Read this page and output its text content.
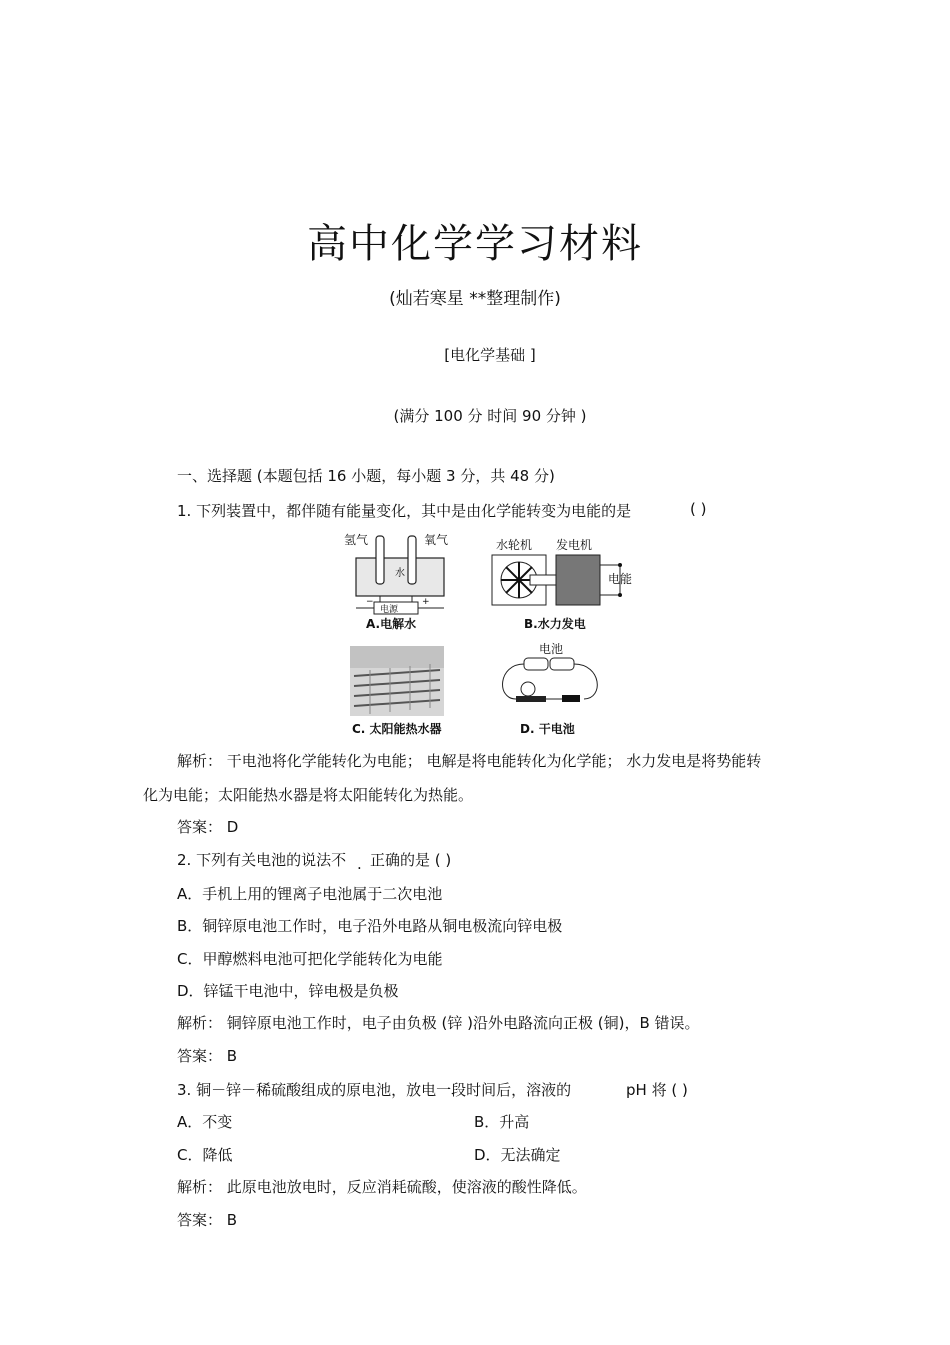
高中化学学习材料
(灿若寒星 **整理制作)
[电化学基础 ]
(满分 100 分 时间 90 分钟 )
一、选择题 (本题包括 16 小题，每小题 3 分，共 48 分)
1. 下列装置中，都伴随有能量变化，其中是由化学能转变为电能的是	( )
氢气	氧气
水
电源
−	+
A.电解水
水轮机 发电机
电能
B.水力发电
C. 太阳能热水器
电池
D. 干电池
解析： 干电池将化学能转化为电能； 电解是将电能转化为化学能； 水力发电是将势能转
化为电能；太阳能热水器是将太阳能转化为热能。
答案： D
2. 下列有关电池的说法不 . 正确的是 ( )
A．手机上用的锂离子电池属于二次电池
B．铜锌原电池工作时，电子沿外电路从铜电极流向锌电极
C．甲醇燃料电池可把化学能转化为电能
D．锌锰干电池中，锌电极是负极
解析： 铜锌原电池工作时，电子由负极 (锌 )沿外电路流向正极 (铜)，B 错误。
答案： B
3. 铜－锌－稀硫酸组成的原电池，放电一段时间后，溶液的	pH 将 ( )
A．不变	B．升高
C．降低	D．无法确定
解析： 此原电池放电时，反应消耗硫酸，使溶液的酸性降低。
答案： B
